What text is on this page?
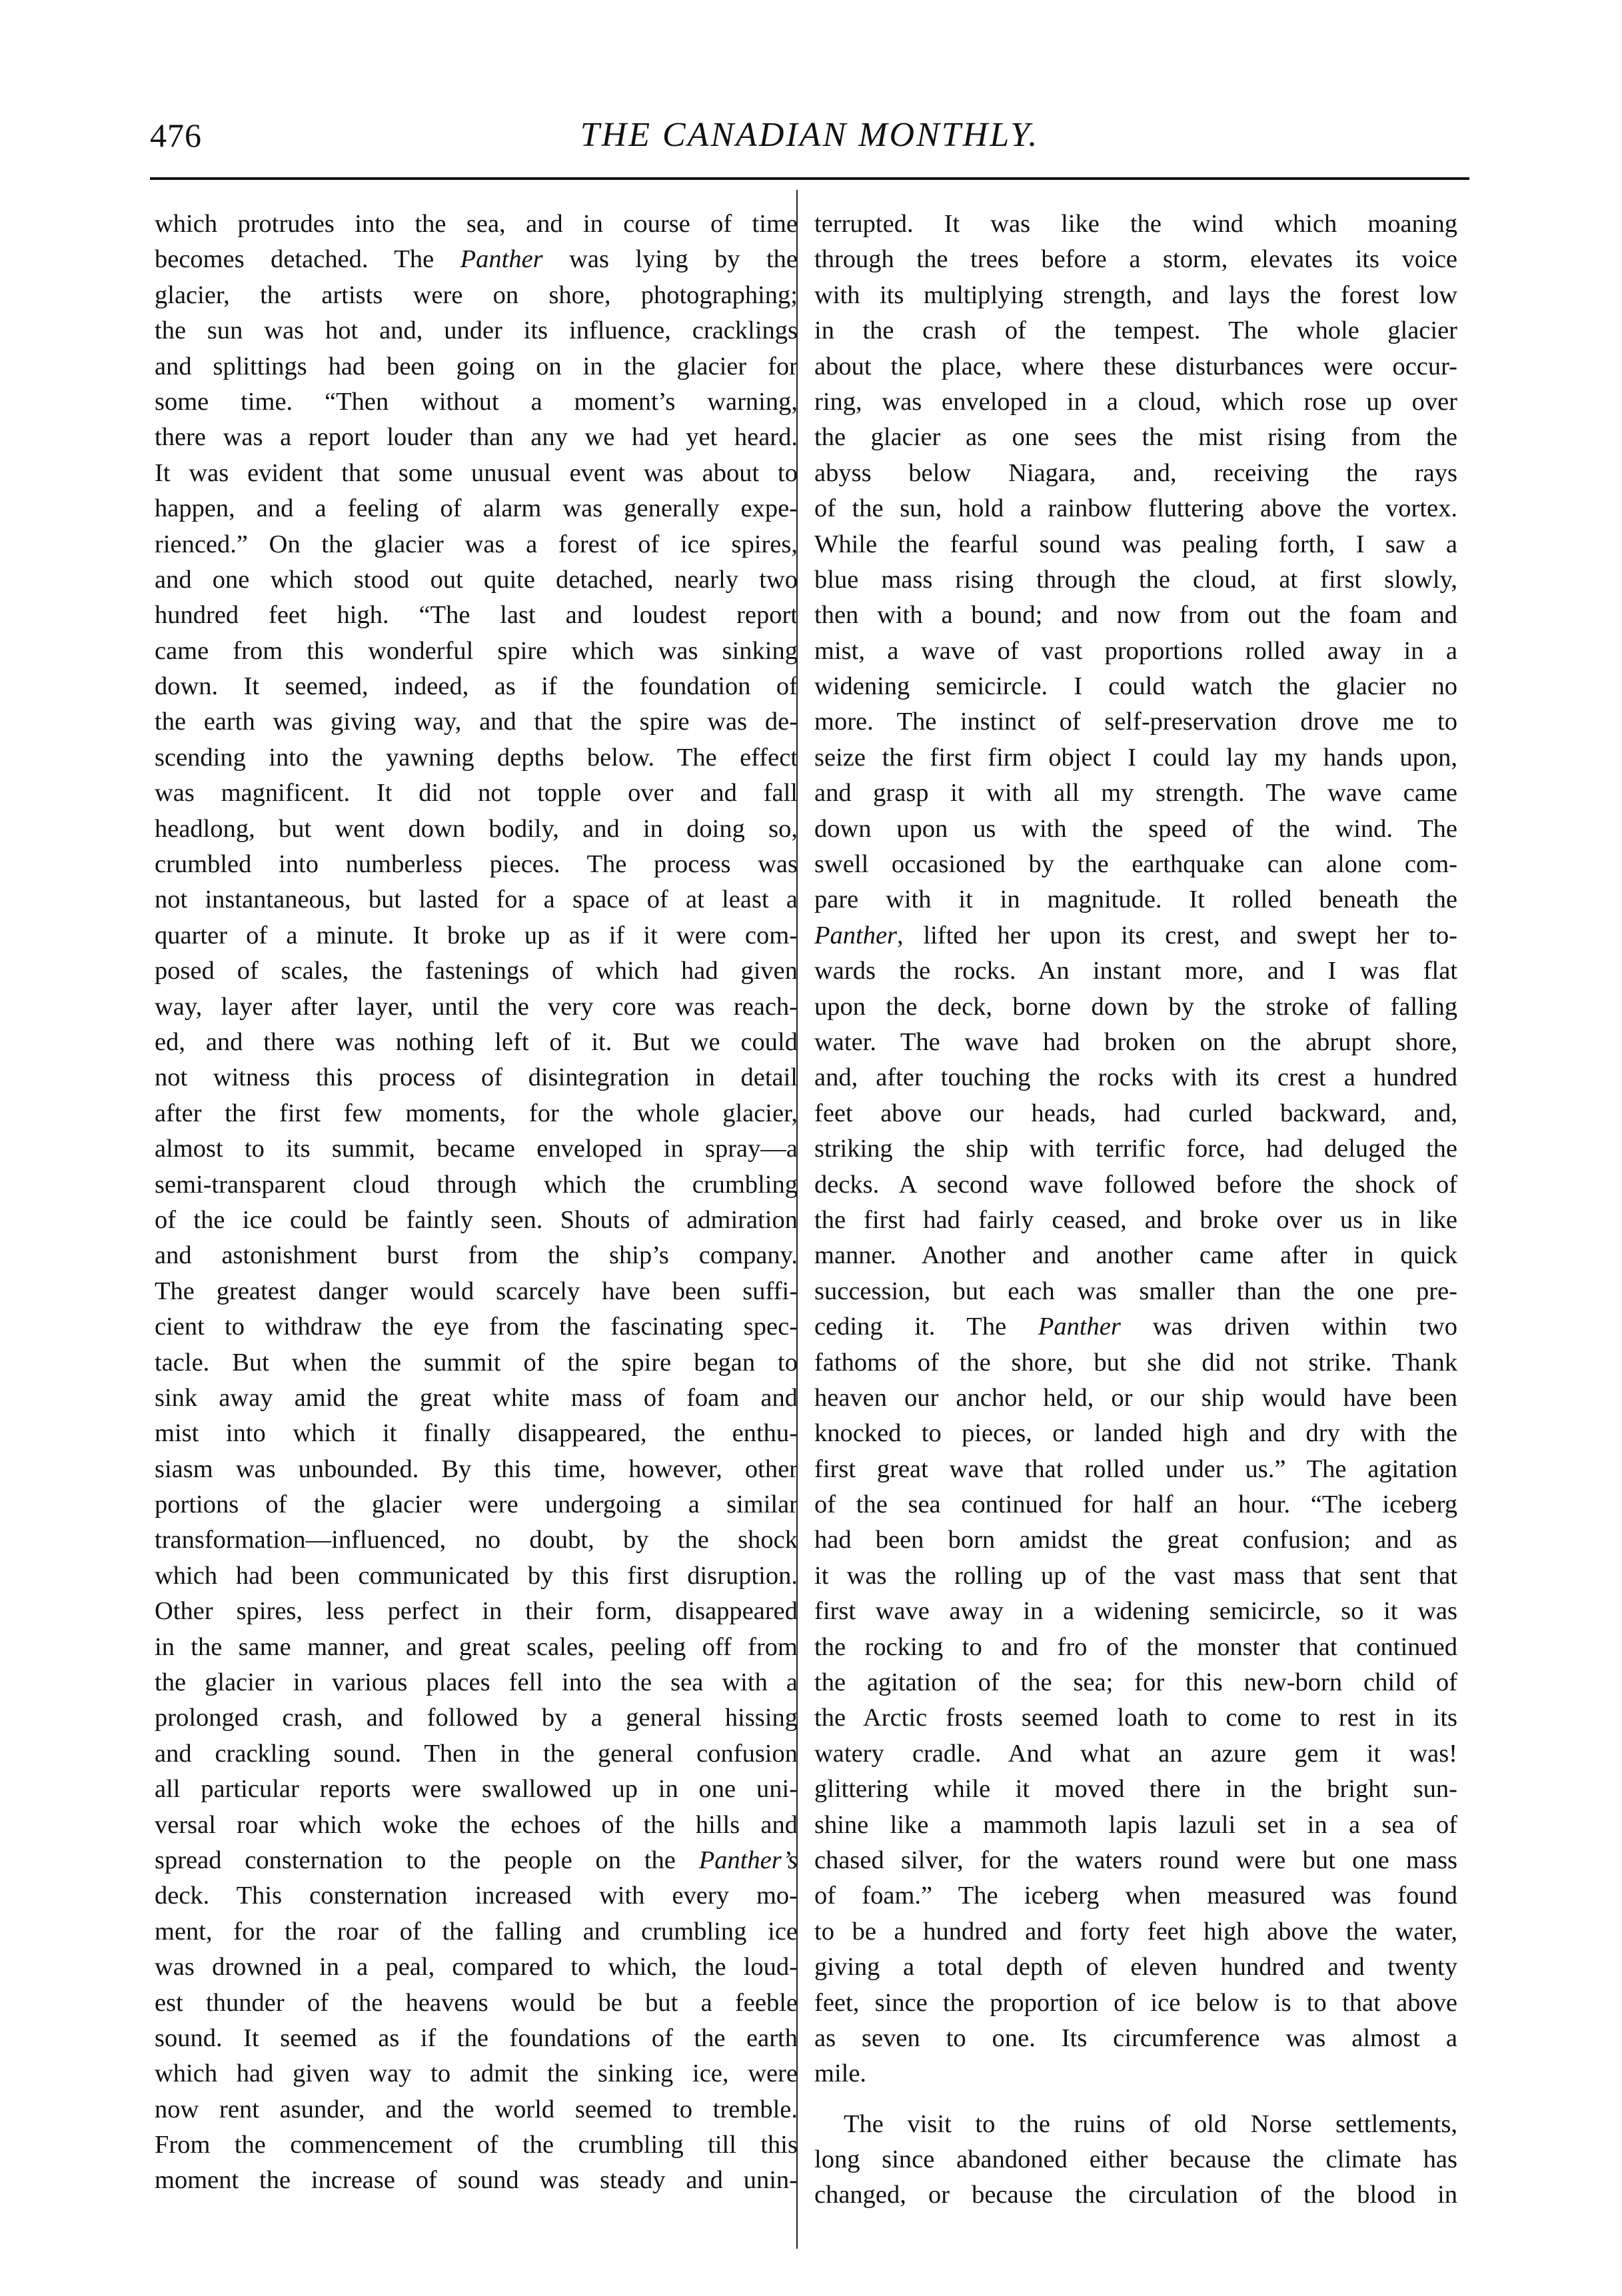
476	THE CANADIAN MONTHLY.
which protrudes into the sea, and in course of time
becomes detached. The Panther was lying by the
glacier, the artists were on shore, photographing;
the sun was hot and, under its influence, cracklings
and splittings had been going on in the glacier for
some time. “Then without a moment’s warning,
there was a report louder than any we had yet heard.
It was evident that some unusual event was about to
happen, and a feeling of alarm was generally expe-
rienced.” On the glacier was a forest of ice spires,
and one which stood out quite detached, nearly two
hundred feet high. “The last and loudest report
came from this wonderful spire which was sinking
down. It seemed, indeed, as if the foundation of
the earth was giving way, and that the spire was de-
scending into the yawning depths below. The effect
was magnificent. It did not topple over and fall
headlong, but went down bodily, and in doing so,
crumbled into numberless pieces. The process was
not instantaneous, but lasted for a space of at least a
quarter of a minute. It broke up as if it were com-
posed of scales, the fastenings of which had given
way, layer after layer, until the very core was reach-
ed, and there was nothing left of it. But we could
not witness this process of disintegration in detail
after the first few moments, for the whole glacier,
almost to its summit, became enveloped in spray—a
semi-transparent cloud through which the crumbling
of the ice could be faintly seen. Shouts of admiration
and astonishment burst from the ship’s company.
The greatest danger would scarcely have been suffi-
cient to withdraw the eye from the fascinating spec-
tacle. But when the summit of the spire began to
sink away amid the great white mass of foam and
mist into which it finally disappeared, the enthu-
siasm was unbounded. By this time, however, other
portions of the glacier were undergoing a similar
transformation—influenced, no doubt, by the shock
which had been communicated by this first disruption.
Other spires, less perfect in their form, disappeared
in the same manner, and great scales, peeling off from
the glacier in various places fell into the sea with a
prolonged crash, and followed by a general hissing
and crackling sound. Then in the general confusion
all particular reports were swallowed up in one uni-
versal roar which woke the echoes of the hills and
spread consternation to the people on the Panther’s
deck. This consternation increased with every mo-
ment, for the roar of the falling and crumbling ice
was drowned in a peal, compared to which, the loud-
est thunder of the heavens would be but a feeble
sound. It seemed as if the foundations of the earth
which had given way to admit the sinking ice, were
now rent asunder, and the world seemed to tremble.
From the commencement of the crumbling till this
moment the increase of sound was steady and unin-
terrupted. It was like the wind which moaning
through the trees before a storm, elevates its voice
with its multiplying strength, and lays the forest low
in the crash of the tempest. The whole glacier
about the place, where these disturbances were occur-
ring, was enveloped in a cloud, which rose up over
the glacier as one sees the mist rising from the
abyss below Niagara, and, receiving the rays
of the sun, hold a rainbow fluttering above the vortex.
While the fearful sound was pealing forth, I saw a
blue mass rising through the cloud, at first slowly,
then with a bound; and now from out the foam and
mist, a wave of vast proportions rolled away in a
widening semicircle. I could watch the glacier no
more. The instinct of self-preservation drove me to
seize the first firm object I could lay my hands upon,
and grasp it with all my strength. The wave came
down upon us with the speed of the wind. The
swell occasioned by the earthquake can alone com-
pare with it in magnitude. It rolled beneath the
Panther, lifted her upon its crest, and swept her to-
wards the rocks. An instant more, and I was flat
upon the deck, borne down by the stroke of falling
water. The wave had broken on the abrupt shore,
and, after touching the rocks with its crest a hundred
feet above our heads, had curled backward, and,
striking the ship with terrific force, had deluged the
decks. A second wave followed before the shock of
the first had fairly ceased, and broke over us in like
manner. Another and another came after in quick
succession, but each was smaller than the one pre-
ceding it. The Panther was driven within two
fathoms of the shore, but she did not strike. Thank
heaven our anchor held, or our ship would have been
knocked to pieces, or landed high and dry with the
first great wave that rolled under us.” The agitation
of the sea continued for half an hour. “The iceberg
had been born amidst the great confusion; and as
it was the rolling up of the vast mass that sent that
first wave away in a widening semicircle, so it was
the rocking to and fro of the monster that continued
the agitation of the sea; for this new-born child of
the Arctic frosts seemed loath to come to rest in its
watery cradle. And what an azure gem it was!
glittering while it moved there in the bright sun-
shine like a mammoth lapis lazuli set in a sea of
chased silver, for the waters round were but one mass
of foam.” The iceberg when measured was found
to be a hundred and forty feet high above the water,
giving a total depth of eleven hundred and twenty
feet, since the proportion of ice below is to that above
as seven to one. Its circumference was almost a
mile.
The visit to the ruins of old Norse settlements,
long since abandoned either because the climate has
changed, or because the circulation of the blood in
